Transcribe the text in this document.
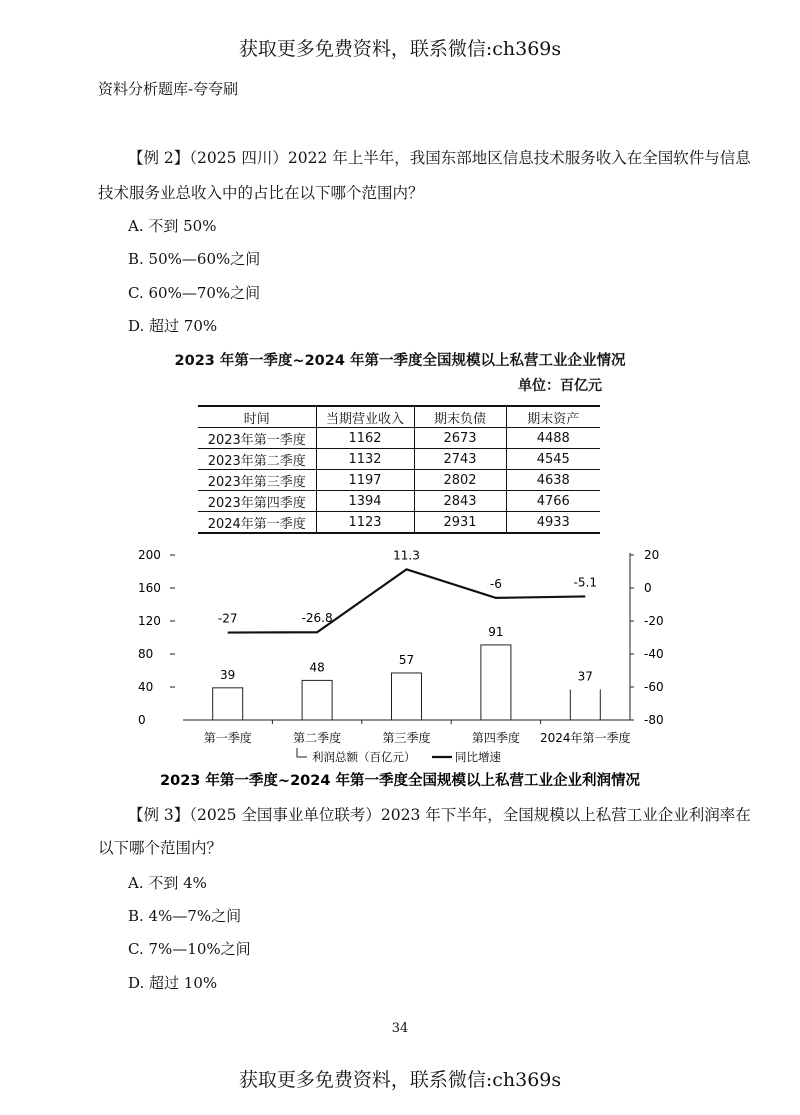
获取更多免费资料，联系微信:ch369s
资料分析题库-夸夸刷
【例 2】（2025 四川）2022 年上半年，我国东部地区信息技术服务收入在全国软件与信息
技术服务业总收入中的占比在以下哪个范围内？
A. 不到 50%
B. 50%—60%之间
C. 60%—70%之间
D. 超过 70%
2023 年第一季度~2024 年第一季度全国规模以上私营工业企业情况
单位：百亿元
时间	当期营业收入	期末负债	期末资产
2023年第一季度	1162	2673	4488
2023年第二季度	1132	2743	4545
2023年第三季度	1197	2802	4638
2023年第四季度	1394	2843	4766
2024年第一季度	1123	2931	4933
0
40
80
120
160
200
-80
-60
-40
-20
0
20
39
48
57
91
37
-27	-26.8
11.3
-6	-5.1
第一季度	第二季度	第三季度	第四季度 2024年第一季度
利润总额（百亿元）	同比增速
2023 年第一季度~2024 年第一季度全国规模以上私营工业企业利润情况
【例 3】（2025 全国事业单位联考）2023 年下半年，全国规模以上私营工业企业利润率在
以下哪个范围内？
A. 不到 4%
B. 4%—7%之间
C. 7%—10%之间
D. 超过 10%
34
获取更多免费资料，联系微信:ch369s
